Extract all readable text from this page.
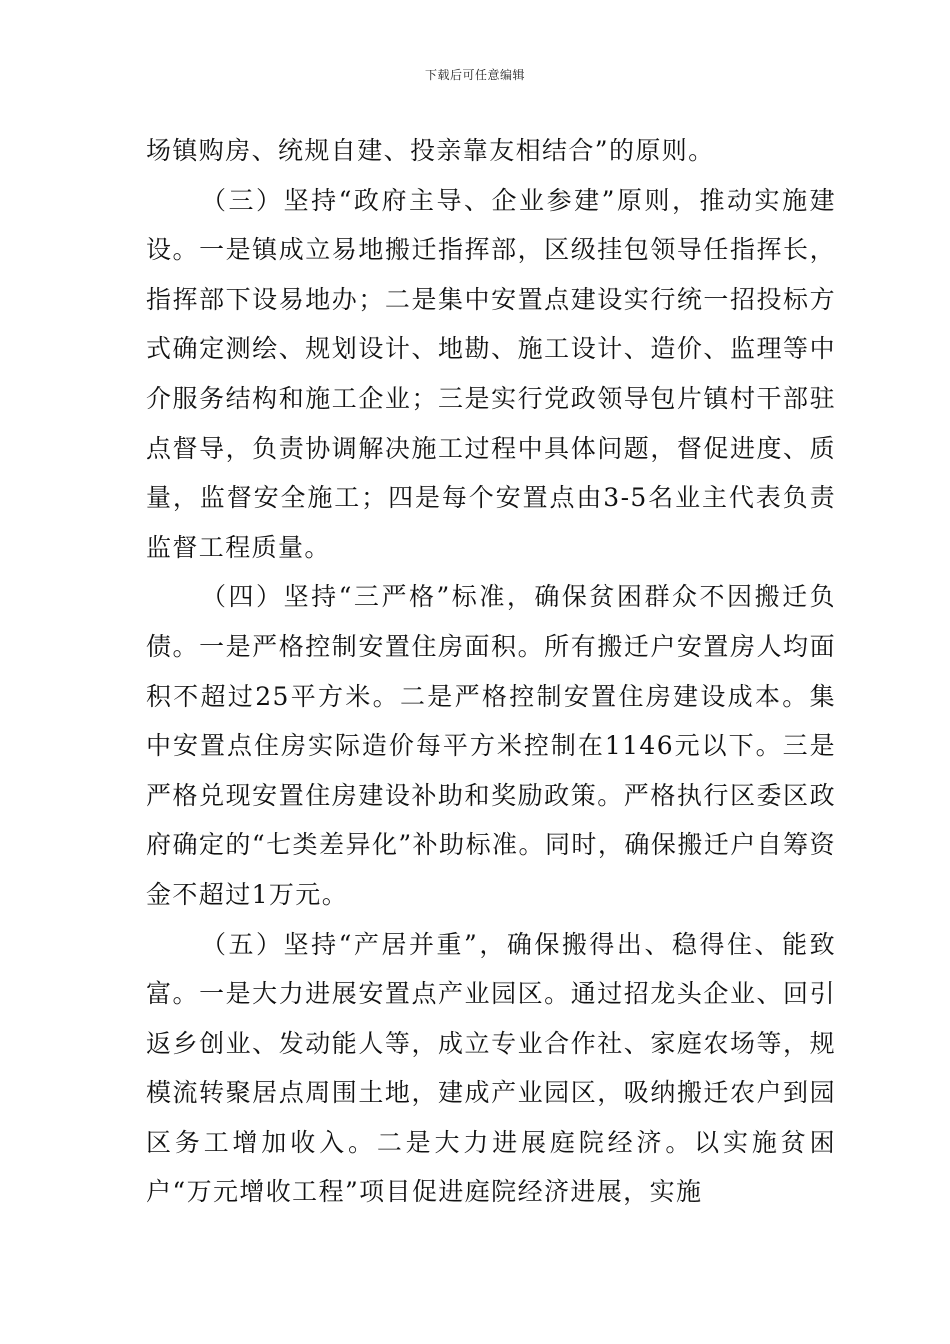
下载后可任意编辑

场镇购房、统规自建、投亲靠友相结合”的原则。

（三）坚持“政府主导、企业参建”原则，推动实施建设。一是镇成立易地搬迁指挥部，区级挂包领导任指挥长，指挥部下设易地办；二是集中安置点建设实行统一招投标方式确定测绘、规划设计、地勘、施工设计、造价、监理等中介服务结构和施工企业；三是实行党政领导包片镇村干部驻点督导，负责协调解决施工过程中具体问题，督促进度、质量，监督安全施工；四是每个安置点由3-5名业主代表负责监督工程质量。

（四）坚持“三严格”标准，确保贫困群众不因搬迁负债。一是严格控制安置住房面积。所有搬迁户安置房人均面积不超过25平方米。二是严格控制安置住房建设成本。集中安置点住房实际造价每平方米控制在1146元以下。三是严格兑现安置住房建设补助和奖励政策。严格执行区委区政府确定的“七类差异化”补助标准。同时，确保搬迁户自筹资金不超过1万元。

（五）坚持“产居并重”，确保搬得出、稳得住、能致富。一是大力进展安置点产业园区。通过招龙头企业、回引返乡创业、发动能人等，成立专业合作社、家庭农场等，规模流转聚居点周围土地，建成产业园区，吸纳搬迁农户到园区务工增加收入。二是大力进展庭院经济。以实施贫困户“万元增收工程”项目促进庭院经济进展，实施
